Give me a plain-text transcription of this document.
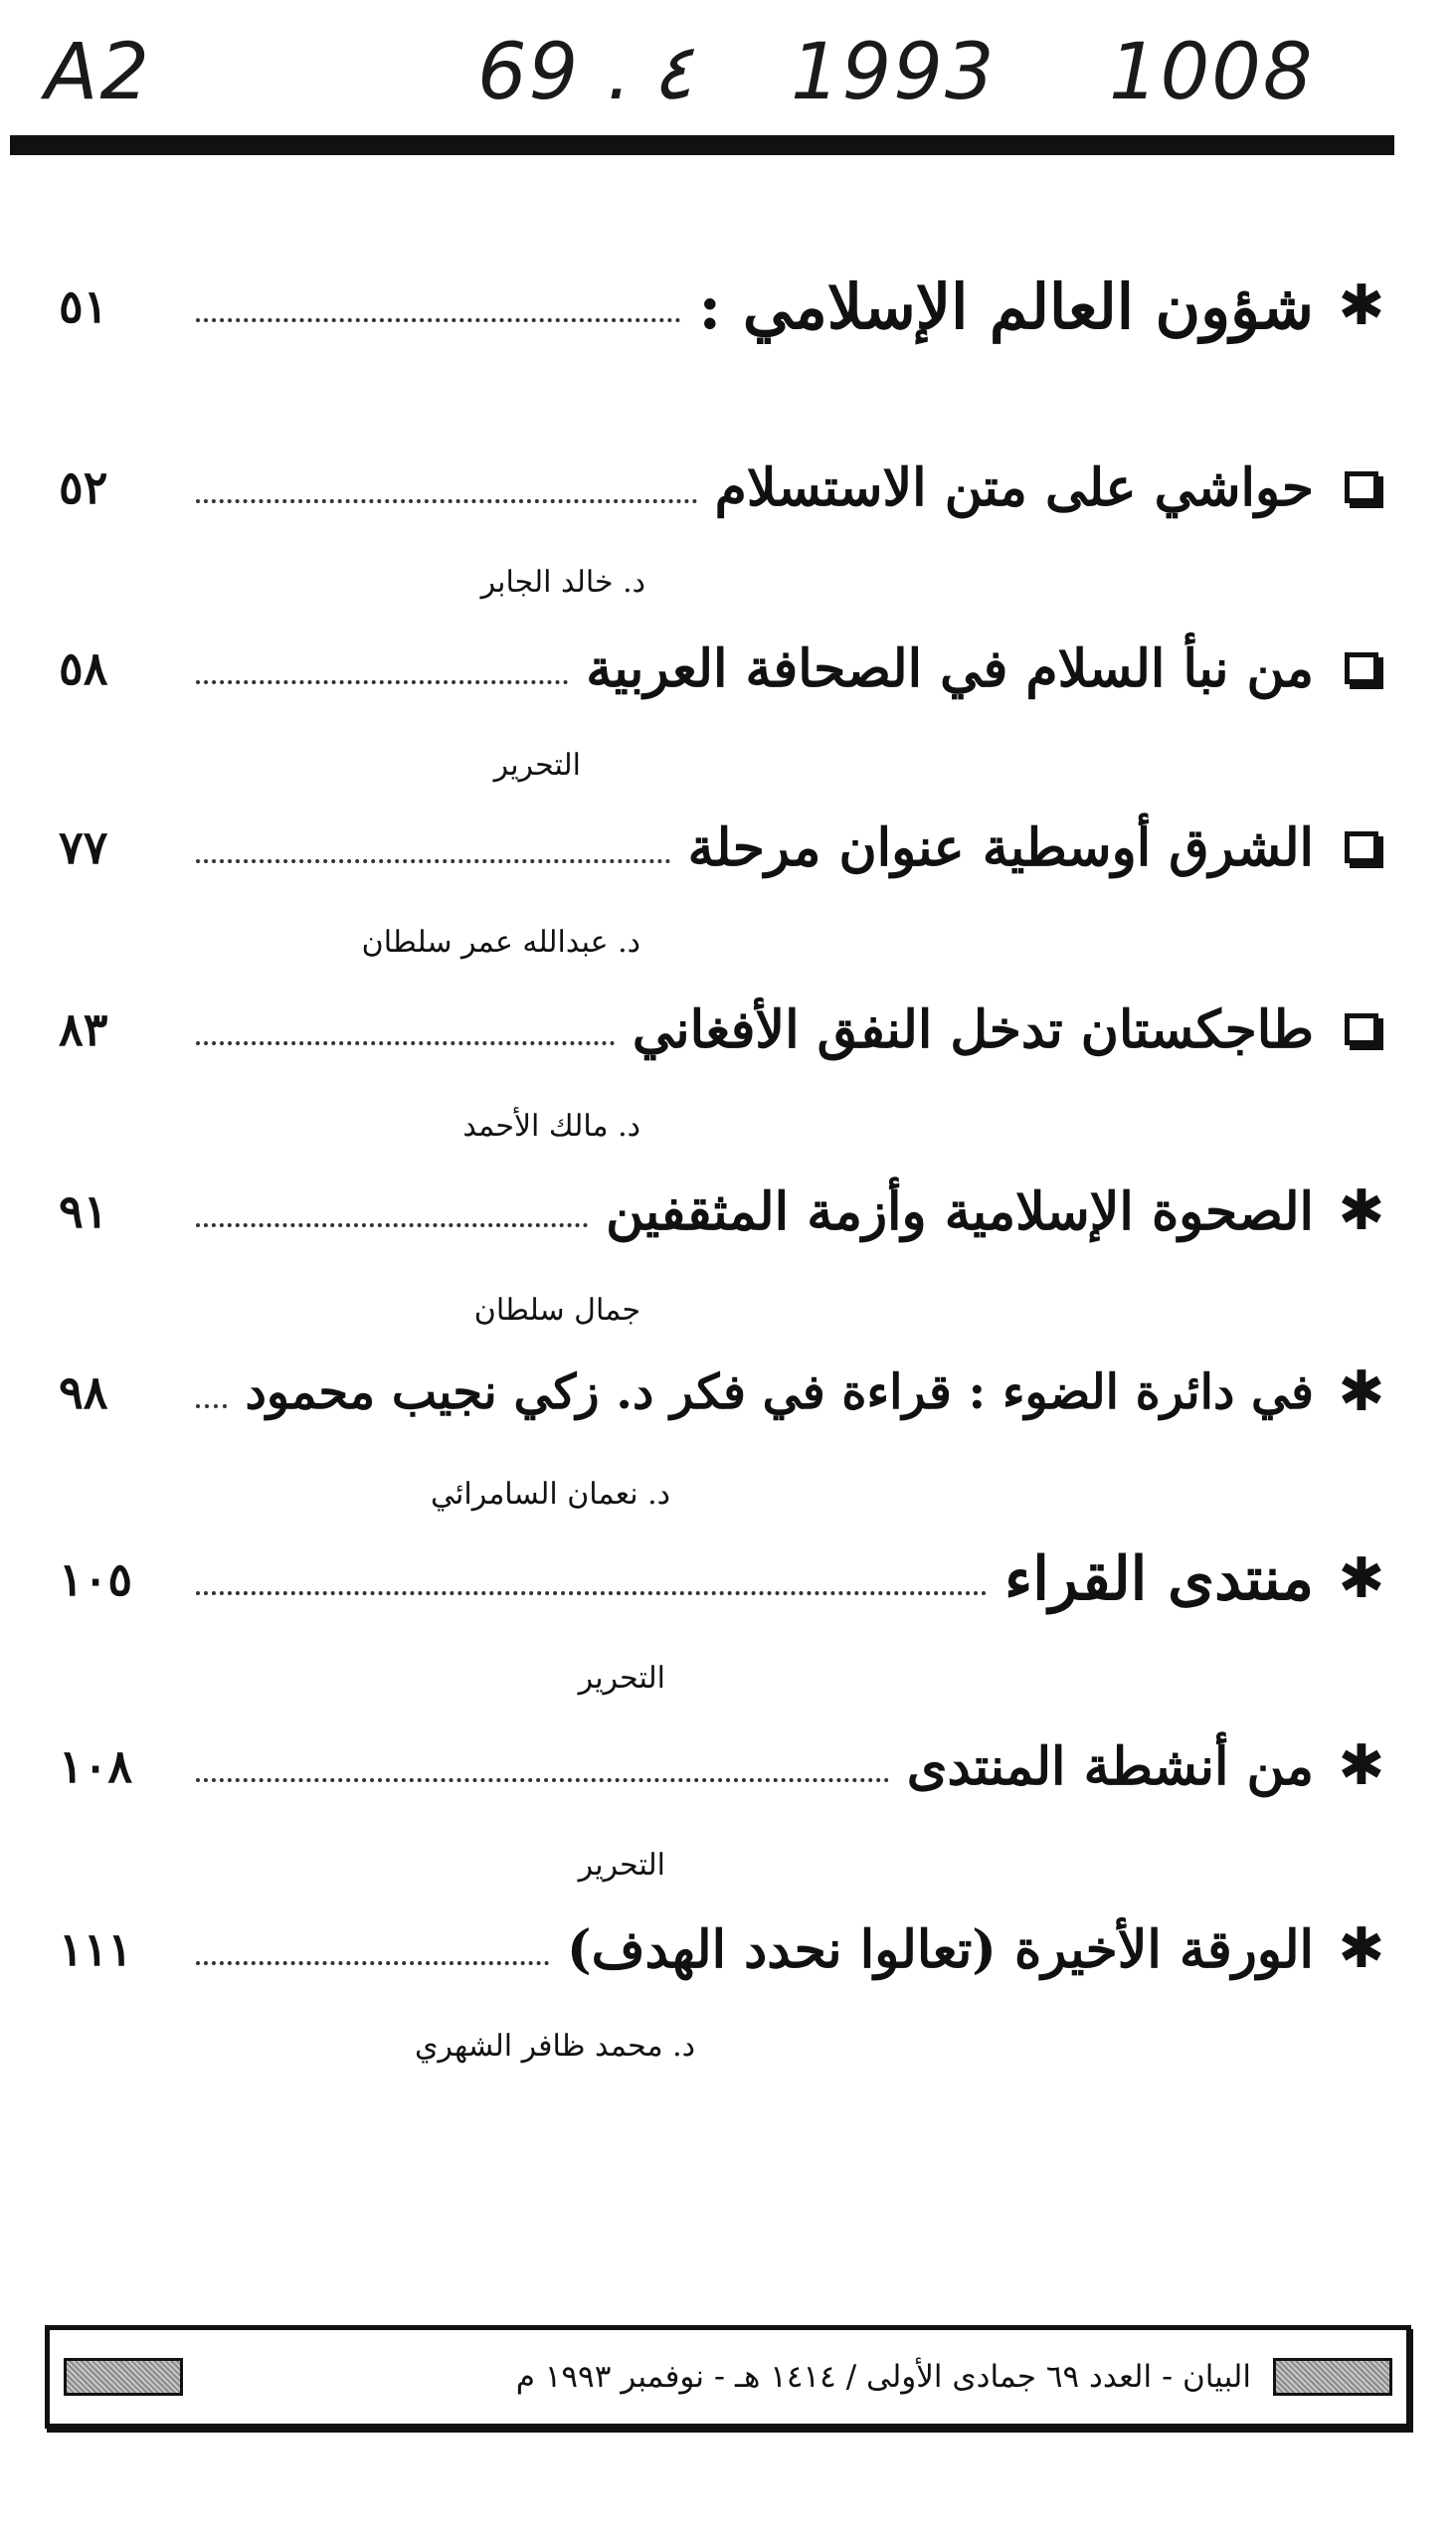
A2	69 . ٤ 1993 1008
✱
شؤون العالم الإسلامي :
٥١
حواشي على متن الاستسلام
٥٢
د. خالد الجابر
من نبأ السلام في الصحافة العربية
٥٨
التحرير
الشرق أوسطية عنوان مرحلة
٧٧
د. عبدالله عمر سلطان
طاجكستان تدخل النفق الأفغاني
٨٣
د. مالك الأحمد
✱
الصحوة الإسلامية وأزمة المثقفين
٩١
جمال سلطان
✱
في دائرة الضوء : قراءة في فكر د. زكي نجيب محمود
٩٨
د. نعمان السامرائي
✱
منتدى القراء
١٠٥
التحرير
✱
من أنشطة المنتدى
١٠٨
التحرير
✱
الورقة الأخيرة (تعالوا نحدد الهدف)
١١١
د. محمد ظافر الشهري
البيان - العدد ٦٩ جمادى الأولى / ١٤١٤ هـ - نوفمبر ١٩٩٣ م
